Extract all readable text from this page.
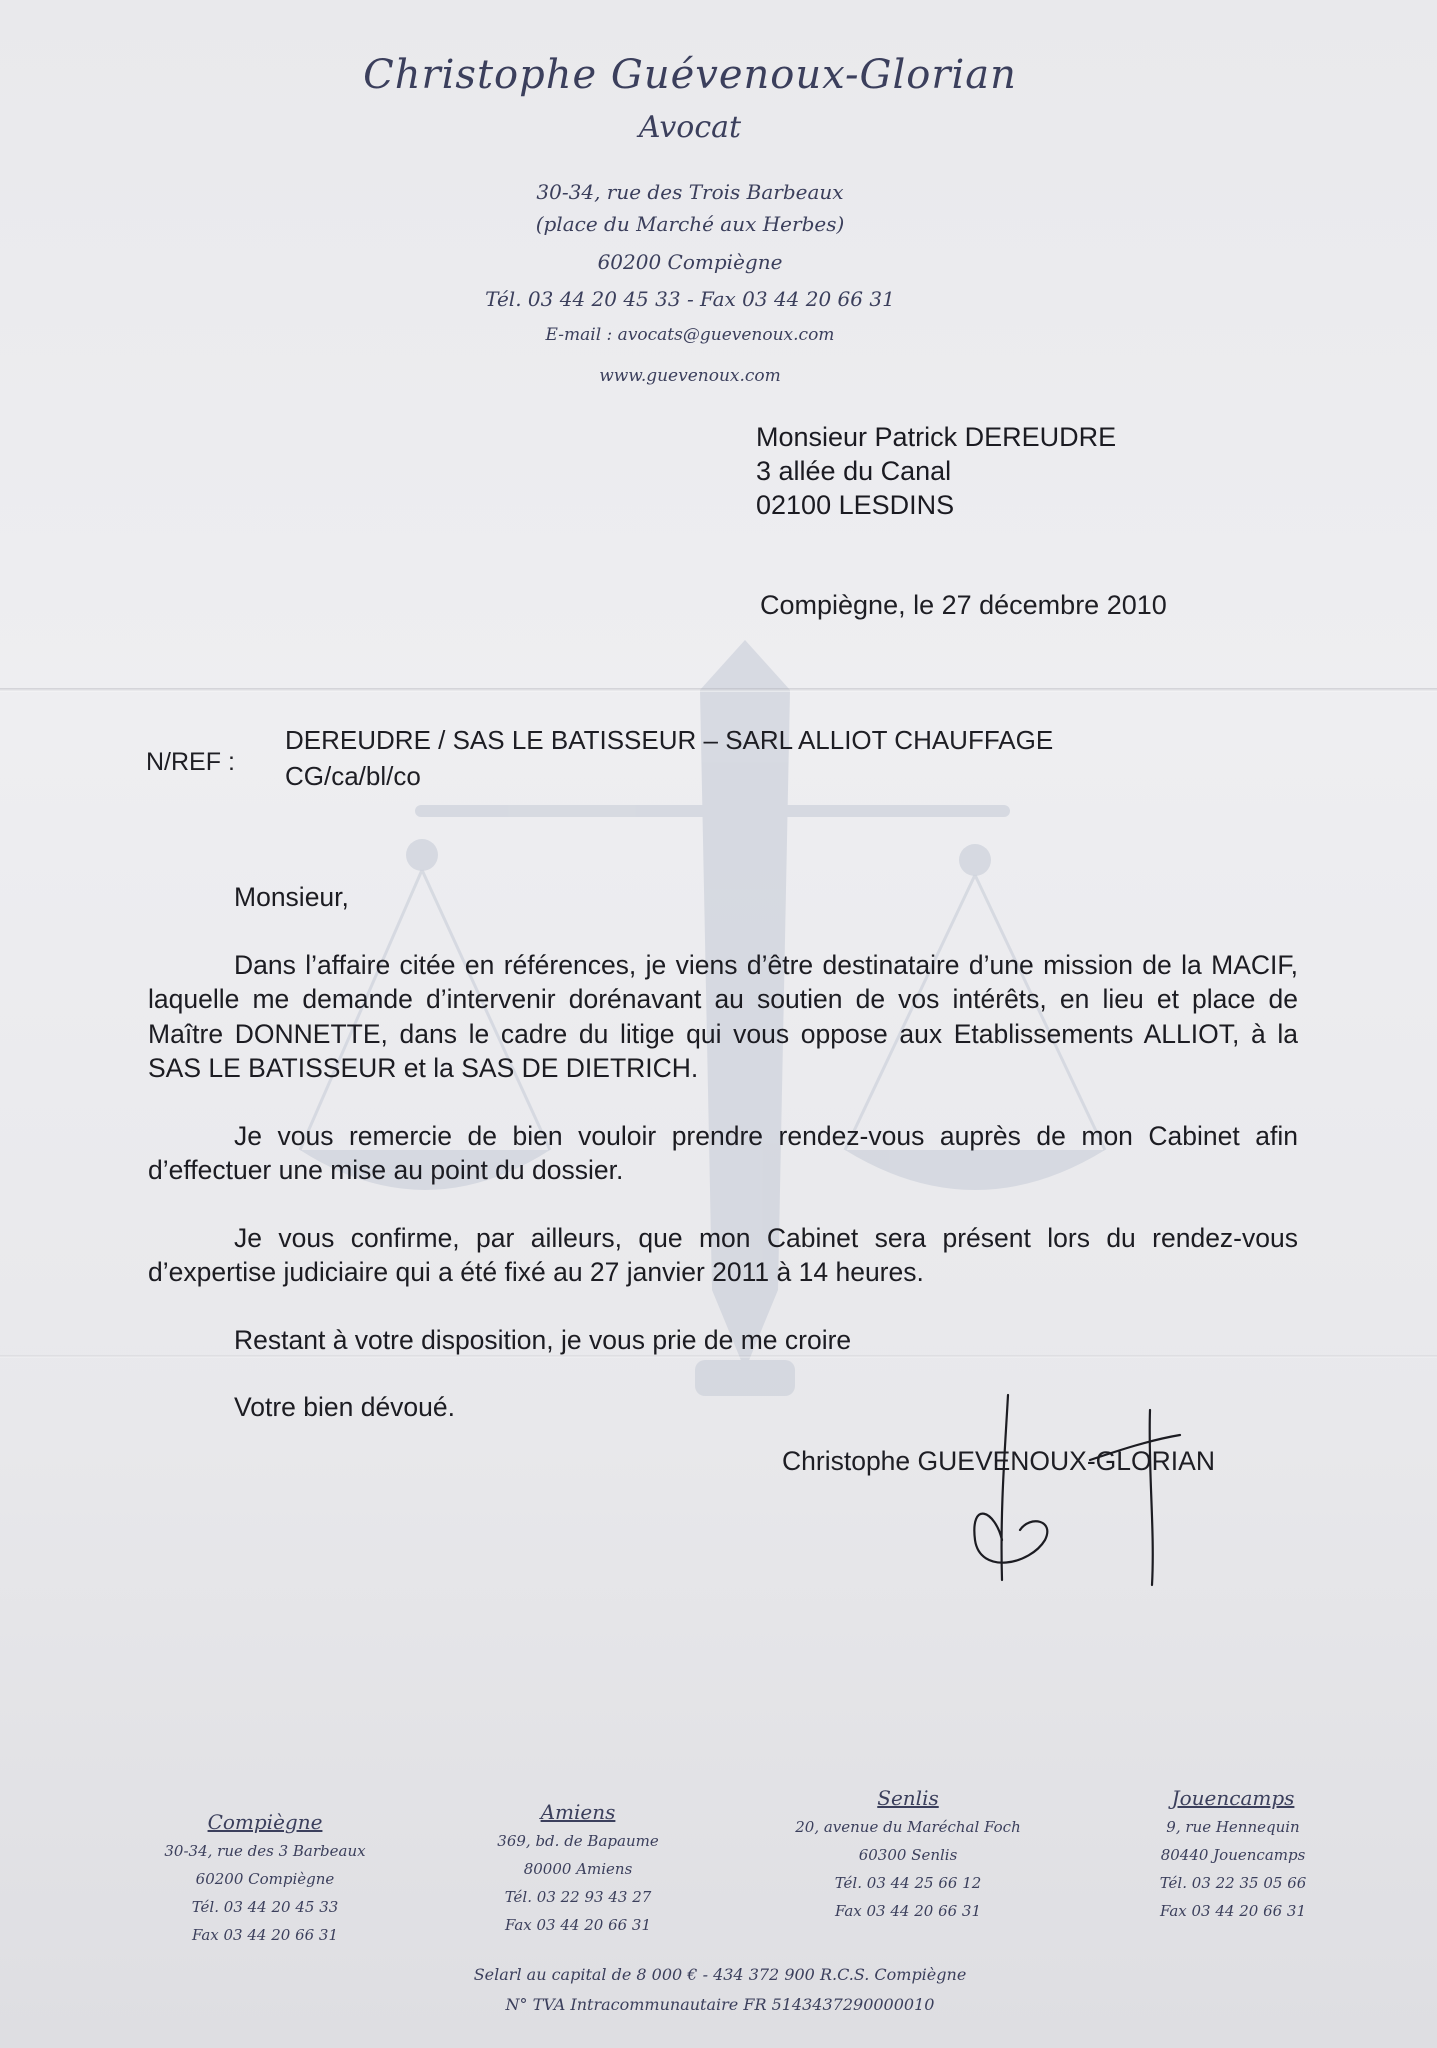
Christophe Guévenoux-Glorian
Avocat
30-34, rue des Trois Barbeaux
(place du Marché aux Herbes)
60200 Compiègne
Tél. 03 44 20 45 33 - Fax 03 44 20 66 31
E-mail : avocats@guevenoux.com
www.guevenoux.com
Monsieur Patrick DEREUDRE
3 allée du Canal
02100 LESDINS
Compiègne, le 27 décembre 2010
N/REF :
DEREUDRE / SAS LE BATISSEUR – SARL ALLIOT CHAUFFAGE
CG/ca/bl/co

Monsieur,

Dans l’affaire citée en références, je viens d’être destinataire d’une mission de la MACIF, laquelle me demande d’intervenir dorénavant au soutien de vos intérêts, en lieu et place de Maître DONNETTE, dans le cadre du litige qui vous oppose aux Etablissements ALLIOT, à la SAS LE BATISSEUR et la SAS DE DIETRICH.

Je vous remercie de bien vouloir prendre rendez-vous auprès de mon Cabinet afin d’effectuer une mise au point du dossier.

Je vous confirme, par ailleurs, que mon Cabinet sera présent lors du rendez-vous d’expertise judiciaire qui a été fixé au 27 janvier 2011 à 14 heures.

Restant à votre disposition, je vous prie de me croire

Votre bien dévoué.

Christophe GUEVENOUX-GLORIAN
Compiègne
30-34, rue des 3 Barbeaux
60200 Compiègne
Tél. 03 44 20 45 33
Fax 03 44 20 66 31
Amiens
369, bd. de Bapaume
80000 Amiens
Tél. 03 22 93 43 27
Fax 03 44 20 66 31
Senlis
20, avenue du Maréchal Foch
60300 Senlis
Tél. 03 44 25 66 12
Fax 03 44 20 66 31
Jouencamps
9, rue Hennequin
80440 Jouencamps
Tél. 03 22 35 05 66
Fax 03 44 20 66 31
Selarl au capital de 8 000 € - 434 372 900 R.C.S. Compiègne
N° TVA Intracommunautaire FR 5143437290000010
